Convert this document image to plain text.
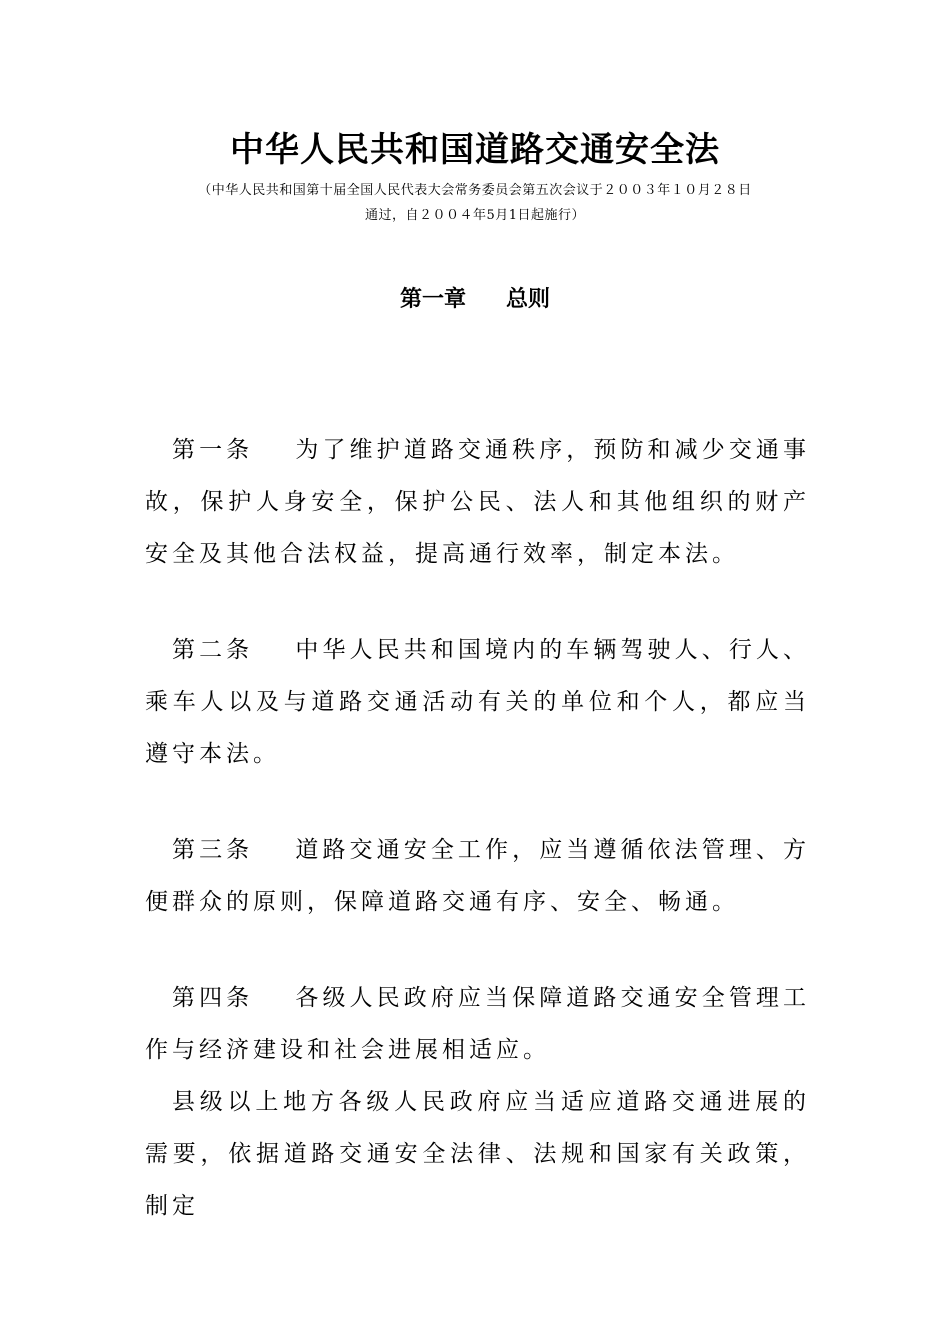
中华人民共和国道路交通安全法
（中华人民共和国第十届全国人民代表大会常务委员会第五次会议于２００３年１０月２８日
通过，自２００４年5月1日起施行）
第一章 总则
第一条 为了维护道路交通秩序，预防和减少交通事故，保护人身安全，保护公民、法人和其他组织的财产安全及其他合法权益，提高通行效率，制定本法。
第二条 中华人民共和国境内的车辆驾驶人、行人、乘车人以及与道路交通活动有关的单位和个人，都应当遵守本法。
第三条 道路交通安全工作，应当遵循依法管理、方便群众的原则，保障道路交通有序、安全、畅通。
第四条 各级人民政府应当保障道路交通安全管理工作与经济建设和社会进展相适应。
县级以上地方各级人民政府应当适应道路交通进展的需要，依据道路交通安全法律、法规和国家有关政策，制定
